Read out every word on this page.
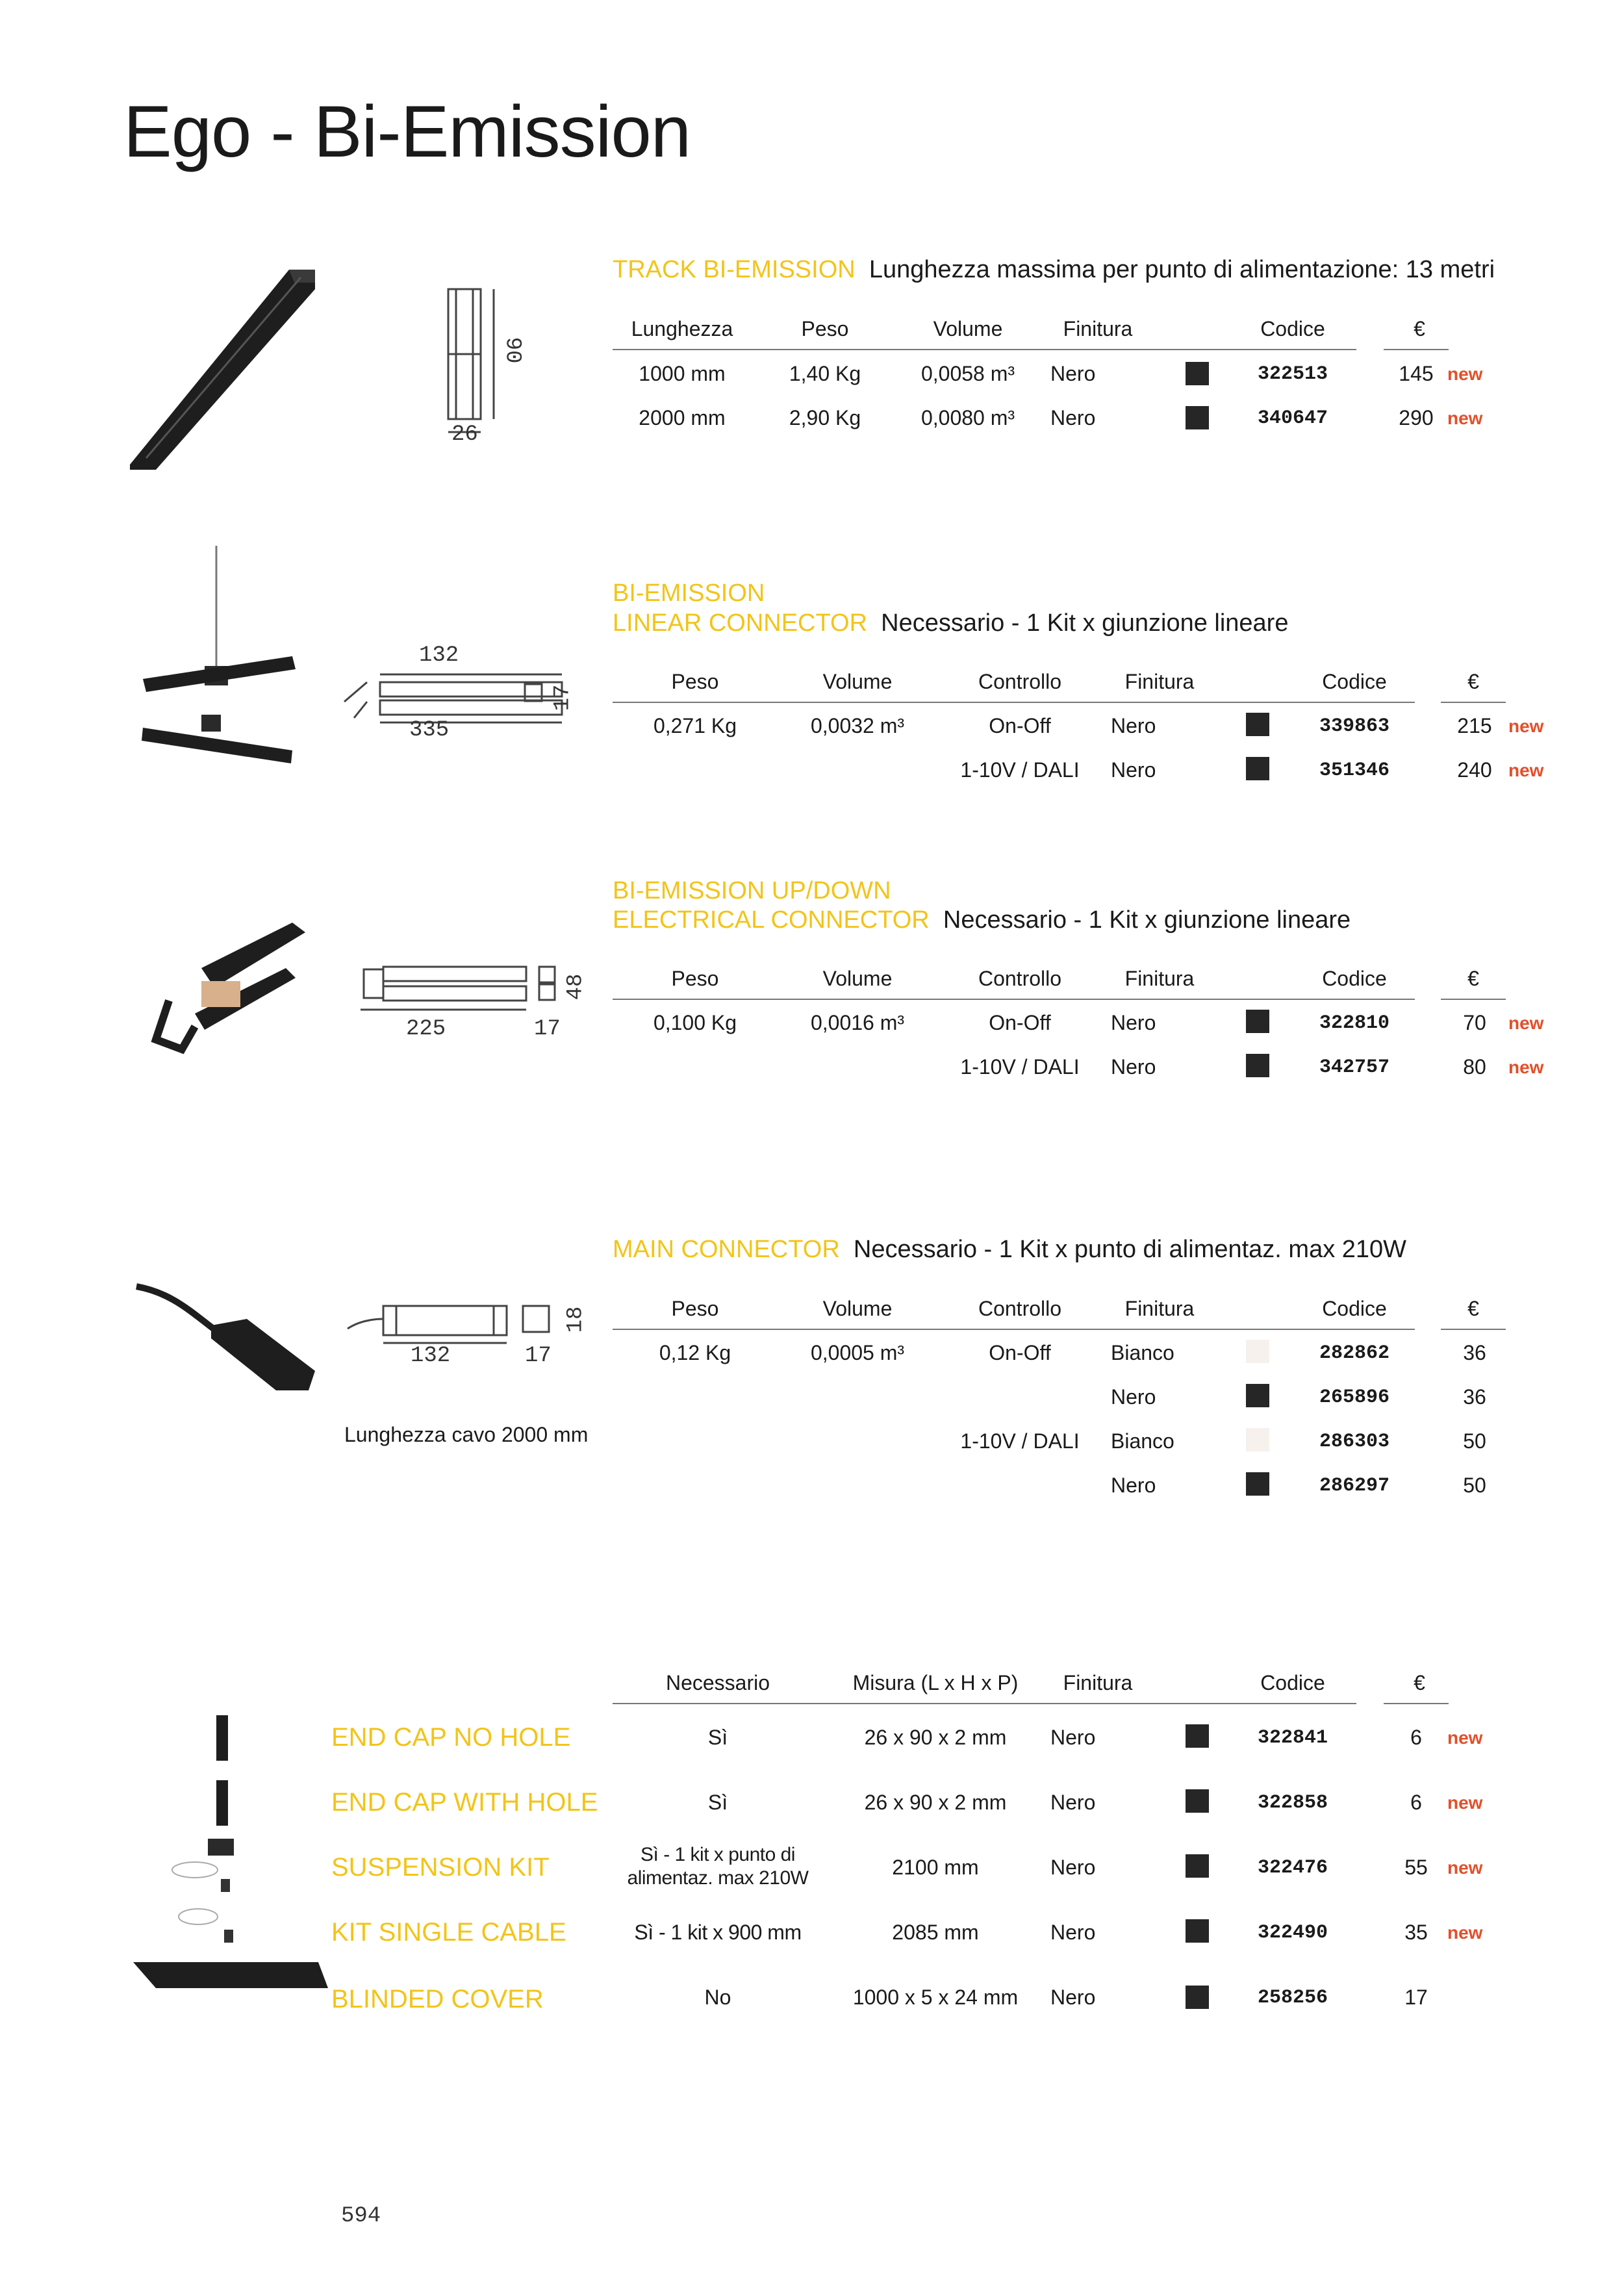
Ego - Bi-Emission
26
90
TRACK BI-EMISSION Lunghezza massima per punto di alimentazione: 13 metri
Lunghezza	Peso	Volume	Finitura	Codice	€
1000 mm	1,40 Kg	0,0058 m³	Nero	322513	145 new
2000 mm	2,90 Kg	0,0080 m³	Nero	340647	290 new
132
335
17
BI-EMISSION
LINEAR CONNECTOR Necessario - 1 Kit x giunzione lineare
Peso	Volume	Controllo	Finitura	Codice	€
0,271 Kg	0,0032 m³	On-Off	Nero	339863	215 new
1-10V / DALI Nero	351346	240 new
225	17
48
BI-EMISSION UP/DOWN
ELECTRICAL CONNECTOR Necessario - 1 Kit x giunzione lineare
Peso	Volume	Controllo	Finitura	Codice	€
0,100 Kg	0,0016 m³	On-Off	Nero	322810	70	new
1-10V / DALI Nero	342757	80	new
132	17
18
Lunghezza cavo 2000 mm
MAIN CONNECTOR Necessario - 1 Kit x punto di alimentaz. max 210W
Peso	Volume	Controllo	Finitura	Codice	€
0,12 Kg	0,0005 m³	On-Off	Bianco	282862	36
Nero	265896	36
1-10V / DALI Bianco	286303	50
Nero	286297	50
Necessario	Misura (L x H x P)	Finitura	Codice	€
END CAP NO HOLE	Sì	26 x 90 x 2 mm	Nero	322841	6	new
END CAP WITH HOLE	Sì	26 x 90 x 2 mm	Nero	322858	6	new
SUSPENSION KIT	Sì - 1 kit x punto di
alimentaz. max 210W	2100 mm	Nero	322476	55	new
KIT SINGLE CABLE	Sì - 1 kit x 900 mm	2085 mm	Nero	322490	35	new
BLINDED COVER	No	1000 x 5 x 24 mm	Nero	258256	17
594
